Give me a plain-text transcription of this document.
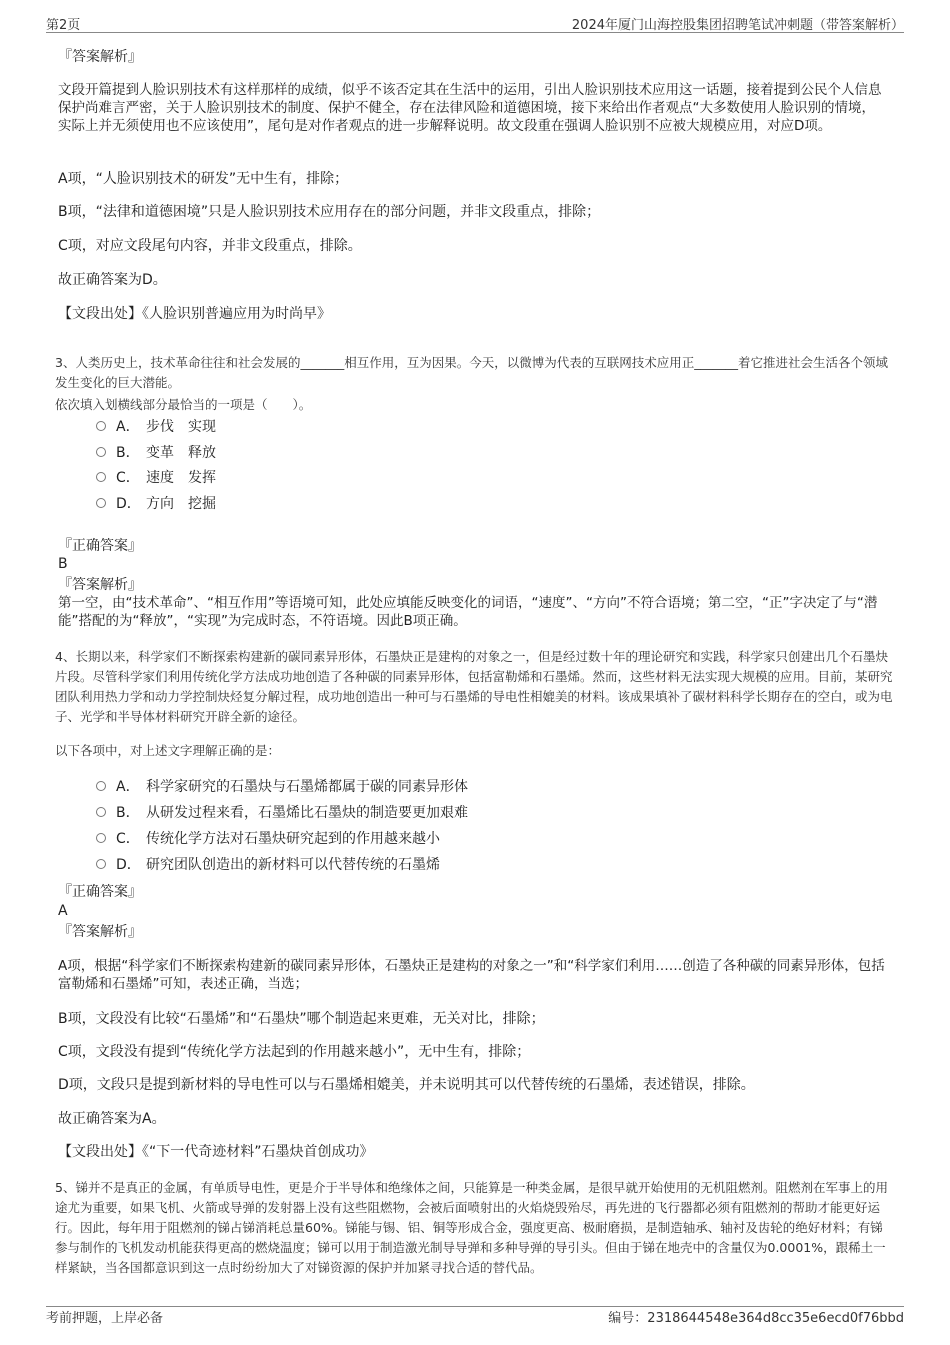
第2页	2024年厦门山海控股集团招聘笔试冲刺题（带答案解析）
『答案解析』

文段开篇提到人脸识别技术有这样那样的成绩，似乎不该否定其在生活中的运用，引出人脸识别技术应用这一话题，接着提到公民个人信息保护尚难言严密，关于人脸识别技术的制度、保护不健全，存在法律风险和道德困境，接下来给出作者观点“大多数使用人脸识别的情境，实际上并无须使用也不应该使用”，尾句是对作者观点的进一步解释说明。故文段重在强调人脸识别不应被大规模应用，对应D项。

A项，“人脸识别技术的研发”无中生有，排除；
B项，“法律和道德困境”只是人脸识别技术应用存在的部分问题，并非文段重点，排除；
C项，对应文段尾句内容，并非文段重点，排除。
故正确答案为D。
【文段出处】《人脸识别普遍应用为时尚早》
3、人类历史上，技术革命往往和社会发展的_______相互作用，互为因果。今天，以微博为代表的互联网技术应用正_______着它推进社会生活各个领域发生变化的巨大潜能。
依次填入划横线部分最恰当的一项是（　　）。
A． 步伐　实现
B． 变革　释放
C． 速度　发挥
D． 方向　挖掘
『正确答案』
B
『答案解析』

第一空，由“技术革命”、“相互作用”等语境可知，此处应填能反映变化的词语，“速度”、“方向”不符合语境；第二空，“正”字决定了与“潜能”搭配的为“释放”，“实现”为完成时态，不符语境。因此B项正确。

4、长期以来，科学家们不断探索构建新的碳同素异形体，石墨炔正是建构的对象之一，但是经过数十年的理论研究和实践，科学家只创建出几个石墨炔片段。尽管科学家们利用传统化学方法成功地创造了各种碳的同素异形体，包括富勒烯和石墨烯。然而，这些材料无法实现大规模的应用。目前，某研究团队利用热力学和动力学控制炔烃复分解过程，成功地创造出一种可与石墨烯的导电性相媲美的材料。该成果填补了碳材料科学长期存在的空白，或为电子、光学和半导体材料研究开辟全新的途径。
以下各项中，对上述文字理解正确的是：
A． 科学家研究的石墨炔与石墨烯都属于碳的同素异形体
B． 从研发过程来看，石墨烯比石墨炔的制造要更加艰难
C． 传统化学方法对石墨炔研究起到的作用越来越小
D． 研究团队创造出的新材料可以代替传统的石墨烯
『正确答案』
A
『答案解析』

A项，根据“科学家们不断探索构建新的碳同素异形体，石墨炔正是建构的对象之一”和“科学家们利用……创造了各种碳的同素异形体，包括富勒烯和石墨烯”可知，表述正确，当选；

B项，文段没有比较“石墨烯”和“石墨炔”哪个制造起来更难，无关对比，排除；
C项，文段没有提到“传统化学方法起到的作用越来越小”，无中生有，排除；
D项，文段只是提到新材料的导电性可以与石墨烯相媲美，并未说明其可以代替传统的石墨烯，表述错误，排除。
故正确答案为A。
【文段出处】《“下一代奇迹材料”石墨炔首创成功》
5、锑并不是真正的金属，有单质导电性，更是介于半导体和绝缘体之间，只能算是一种类金属，是很早就开始使用的无机阻燃剂。阻燃剂在军事上的用途尤为重要，如果飞机、火箭或导弹的发射器上没有这些阻燃物，会被后面喷射出的火焰烧毁殆尽，再先进的飞行器都必须有阻燃剂的帮助才能更好运行。因此，每年用于阻燃剂的锑占锑消耗总量60%。锑能与锡、铝、铜等形成合金，强度更高、极耐磨损，是制造轴承、轴衬及齿轮的绝好材料；有锑参与制作的飞机发动机能获得更高的燃烧温度；锑可以用于制造激光制导导弹和多种导弹的导引头。但由于锑在地壳中的含量仅为0.0001%，跟稀土一样紧缺，当各国都意识到这一点时纷纷加大了对锑资源的保护并加紧寻找合适的替代品。
考前押题，上岸必备	编号：2318644548e364d8cc35e6ecd0f76bbd
